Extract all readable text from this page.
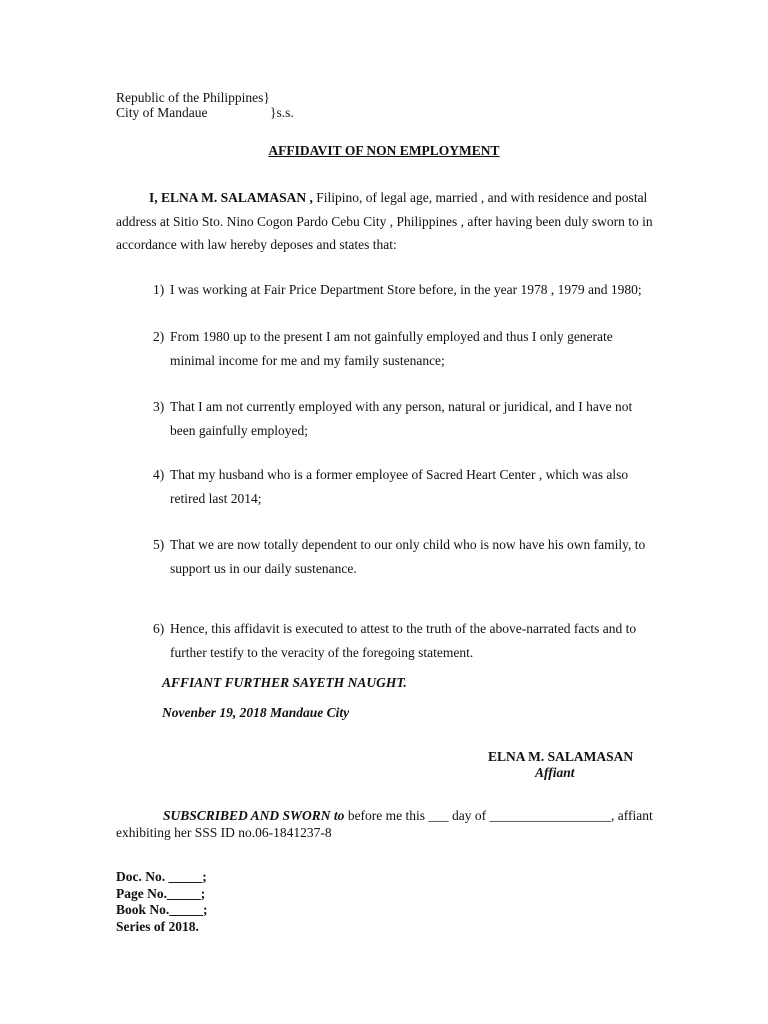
Republic of the Philippines}
City of Mandaue	}s.s.
AFFIDAVIT OF NON EMPLOYMENT
I, ELNA M. SALAMASAN , Filipino, of legal age, married , and with residence and postal address at Sitio Sto. Nino Cogon Pardo Cebu City , Philippines , after having been duly sworn to in accordance with law hereby deposes and states that:
1) I was working at Fair Price Department Store before, in the year 1978 , 1979 and 1980;
2) From 1980 up to the present I am not gainfully employed and thus I only generate minimal income for me and my family sustenance;
3) That I am not currently employed with any person, natural or juridical, and I have not been gainfully employed;
4) That my husband who is a former employee of Sacred Heart Center , which was also retired last 2014;
5) That we are now totally dependent to our only child who is now have his own family, to support us in our daily sustenance.
6) Hence, this affidavit is executed to attest to the truth of the above-narrated facts and to further testify to the veracity of the foregoing statement.
AFFIANT FURTHER SAYETH NAUGHT.
Novenber 19, 2018 Mandaue City
ELNA M. SALAMASAN
Affiant
SUBSCRIBED AND SWORN to before me this ___ day of __________________, affiant exhibiting her SSS ID no.06-1841237-8
Doc. No. _____;
Page No._____;
Book No._____;
Series of 2018.
